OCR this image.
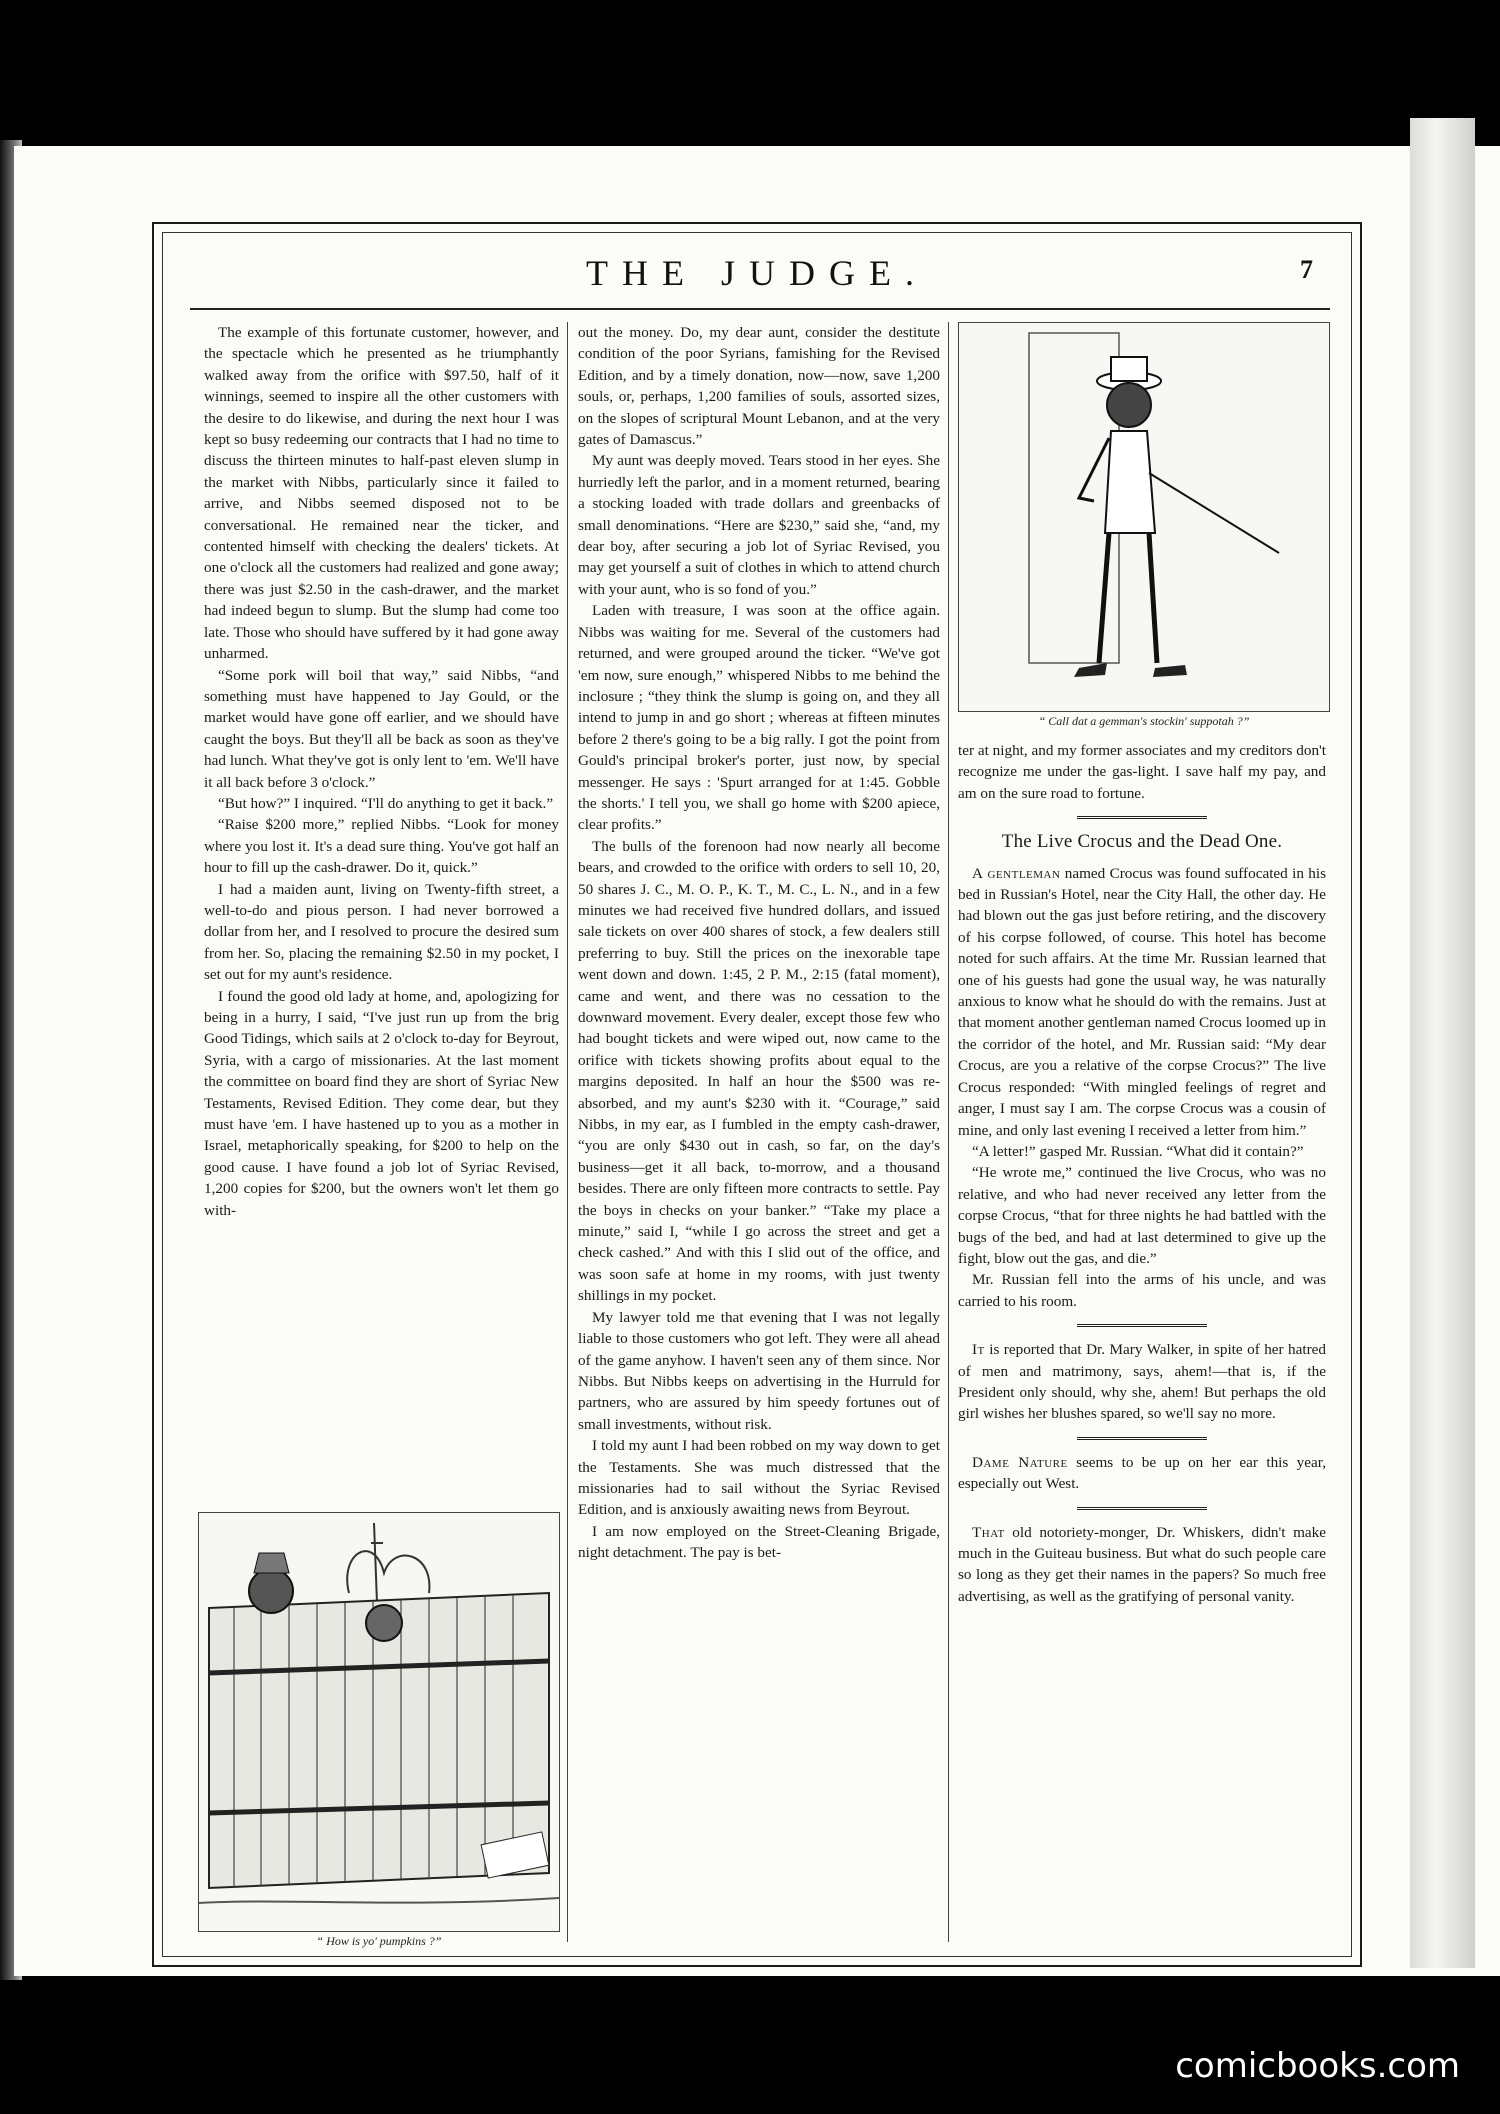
THE JUDGE.	7

The example of this fortunate customer, however, and the spectacle which he presented as he triumphantly walked away from the orifice with $97.50, half of it winnings, seemed to inspire all the other customers with the desire to do likewise, and during the next hour I was kept so busy redeeming our contracts that I had no time to discuss the thirteen minutes to half-past eleven slump in the market with Nibbs, particularly since it failed to arrive, and Nibbs seemed disposed not to be conversational. He remained near the ticker, and contented himself with checking the dealers' tickets. At one o'clock all the customers had realized and gone away; there was just $2.50 in the cash-drawer, and the market had indeed begun to slump. But the slump had come too late. Those who should have suffered by it had gone away unharmed.

“Some pork will boil that way,” said Nibbs, “and something must have happened to Jay Gould, or the market would have gone off earlier, and we should have caught the boys. But they'll all be back as soon as they've had lunch. What they've got is only lent to 'em. We'll have it all back before 3 o'clock.”

“But how?” I inquired. “I'll do anything to get it back.”

“Raise $200 more,” replied Nibbs. “Look for money where you lost it. It's a dead sure thing. You've got half an hour to fill up the cash-drawer. Do it, quick.”

I had a maiden aunt, living on Twenty-fifth street, a well-to-do and pious person. I had never borrowed a dollar from her, and I resolved to procure the desired sum from her. So, placing the remaining $2.50 in my pocket, I set out for my aunt's residence.

I found the good old lady at home, and, apologizing for being in a hurry, I said, “I've just run up from the brig Good Tidings, which sails at 2 o'clock to-day for Beyrout, Syria, with a cargo of missionaries. At the last moment the committee on board find they are short of Syriac New Testaments, Revised Edition. They come dear, but they must have 'em. I have hastened up to you as a mother in Israel, metaphorically speaking, for $200 to help on the good cause. I have found a job lot of Syriac Revised, 1,200 copies for $200, but the owners won't let them go with-

“ How is yo' pumpkins ?”

out the money. Do, my dear aunt, consider the destitute condition of the poor Syrians, famishing for the Revised Edition, and by a timely donation, now—now, save 1,200 souls, or, perhaps, 1,200 families of souls, assorted sizes, on the slopes of scriptural Mount Lebanon, and at the very gates of Damascus.”

My aunt was deeply moved. Tears stood in her eyes. She hurriedly left the parlor, and in a moment returned, bearing a stocking loaded with trade dollars and greenbacks of small denominations. “Here are $230,” said she, “and, my dear boy, after securing a job lot of Syriac Revised, you may get yourself a suit of clothes in which to attend church with your aunt, who is so fond of you.”

Laden with treasure, I was soon at the office again. Nibbs was waiting for me. Several of the customers had returned, and were grouped around the ticker. “We've got 'em now, sure enough,” whispered Nibbs to me behind the inclosure ; “they think the slump is going on, and they all intend to jump in and go short ; whereas at fifteen minutes before 2 there's going to be a big rally. I got the point from Gould's principal broker's porter, just now, by special messenger. He says : 'Spurt arranged for at 1:45. Gobble the shorts.' I tell you, we shall go home with $200 apiece, clear profits.”

The bulls of the forenoon had now nearly all become bears, and crowded to the orifice with orders to sell 10, 20, 50 shares J. C., M. O. P., K. T., M. C., L. N., and in a few minutes we had received five hundred dollars, and issued sale tickets on over 400 shares of stock, a few dealers still preferring to buy. Still the prices on the inexorable tape went down and down. 1:45, 2 P. M., 2:15 (fatal moment), came and went, and there was no cessation to the downward movement. Every dealer, except those few who had bought tickets and were wiped out, now came to the orifice with tickets showing profits about equal to the margins deposited. In half an hour the $500 was re-absorbed, and my aunt's $230 with it. “Courage,” said Nibbs, in my ear, as I fumbled in the empty cash-drawer, “you are only $430 out in cash, so far, on the day's business—get it all back, to-morrow, and a thousand besides. There are only fifteen more contracts to settle. Pay the boys in checks on your banker.” “Take my place a minute,” said I, “while I go across the street and get a check cashed.” And with this I slid out of the office, and was soon safe at home in my rooms, with just twenty shillings in my pocket.

My lawyer told me that evening that I was not legally liable to those customers who got left. They were all ahead of the game anyhow. I haven't seen any of them since. Nor Nibbs. But Nibbs keeps on advertising in the Hurruld for partners, who are assured by him speedy fortunes out of small investments, without risk.

I told my aunt I had been robbed on my way down to get the Testaments. She was much distressed that the missionaries had to sail without the Syriac Revised Edition, and is anxiously awaiting news from Beyrout.

I am now employed on the Street-Cleaning Brigade, night detachment. The pay is bet-

“ Call dat a gemman's stockin' suppotah ?”

ter at night, and my former associates and my creditors don't recognize me under the gas-light. I save half my pay, and am on the sure road to fortune.

The Live Crocus and the Dead One.

A gentleman named Crocus was found suffocated in his bed in Russian's Hotel, near the City Hall, the other day. He had blown out the gas just before retiring, and the discovery of his corpse followed, of course. This hotel has become noted for such affairs. At the time Mr. Russian learned that one of his guests had gone the usual way, he was naturally anxious to know what he should do with the remains. Just at that moment another gentleman named Crocus loomed up in the corridor of the hotel, and Mr. Russian said: “My dear Crocus, are you a relative of the corpse Crocus?” The live Crocus responded: “With mingled feelings of regret and anger, I must say I am. The corpse Crocus was a cousin of mine, and only last evening I received a letter from him.”

“A letter!” gasped Mr. Russian. “What did it contain?”

“He wrote me,” continued the live Crocus, who was no relative, and who had never received any letter from the corpse Crocus, “that for three nights he had battled with the bugs of the bed, and had at last determined to give up the fight, blow out the gas, and die.”

Mr. Russian fell into the arms of his uncle, and was carried to his room.

It is reported that Dr. Mary Walker, in spite of her hatred of men and matrimony, says, ahem!—that is, if the President only should, why she, ahem! But perhaps the old girl wishes her blushes spared, so we'll say no more.

Dame Nature seems to be up on her ear this year, especially out West.

That old notoriety-monger, Dr. Whiskers, didn't make much in the Guiteau business. But what do such people care so long as they get their names in the papers? So much free advertising, as well as the gratifying of personal vanity.

comicbooks.com
